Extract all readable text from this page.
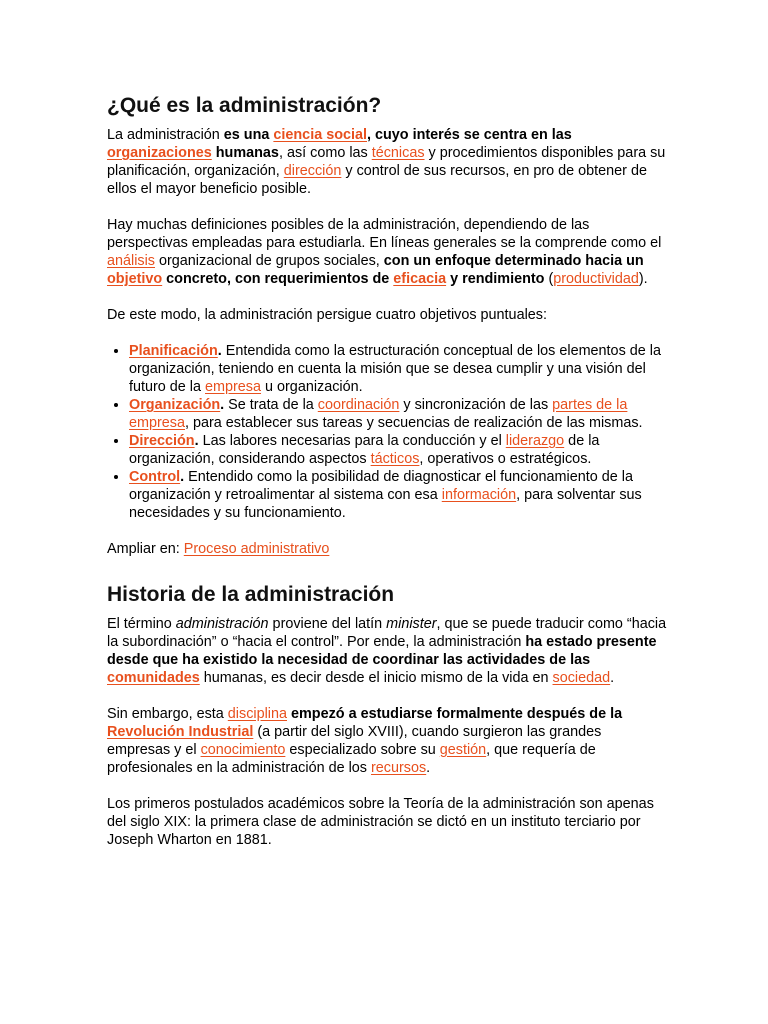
¿Qué es la administración?

La administración es una ciencia social, cuyo interés se centra en las organizaciones humanas, así como las técnicas y procedimientos disponibles para su planificación, organización, dirección y control de sus recursos, en pro de obtener de ellos el mayor beneficio posible.

Hay muchas definiciones posibles de la administración, dependiendo de las perspectivas empleadas para estudiarla. En líneas generales se la comprende como el análisis organizacional de grupos sociales, con un enfoque determinado hacia un objetivo concreto, con requerimientos de eficacia y rendimiento (productividad).

De este modo, la administración persigue cuatro objetivos puntuales:

• Planificación. Entendida como la estructuración conceptual de los elementos de la organización, teniendo en cuenta la misión que se desea cumplir y una visión del futuro de la empresa u organización.
• Organización. Se trata de la coordinación y sincronización de las partes de la empresa, para establecer sus tareas y secuencias de realización de las mismas.
• Dirección. Las labores necesarias para la conducción y el liderazgo de la organización, considerando aspectos tácticos, operativos o estratégicos.
• Control. Entendido como la posibilidad de diagnosticar el funcionamiento de la organización y retroalimentar al sistema con esa información, para solventar sus necesidades y su funcionamiento.

Ampliar en: Proceso administrativo

Historia de la administración

El término administración proviene del latín minister, que se puede traducir como “hacia la subordinación” o “hacia el control”. Por ende, la administración ha estado presente desde que ha existido la necesidad de coordinar las actividades de las comunidades humanas, es decir desde el inicio mismo de la vida en sociedad.

Sin embargo, esta disciplina empezó a estudiarse formalmente después de la Revolución Industrial (a partir del siglo XVIII), cuando surgieron las grandes empresas y el conocimiento especializado sobre su gestión, que requería de profesionales en la administración de los recursos.

Los primeros postulados académicos sobre la Teoría de la administración son apenas del siglo XIX: la primera clase de administración se dictó en un instituto terciario por Joseph Wharton en 1881.
